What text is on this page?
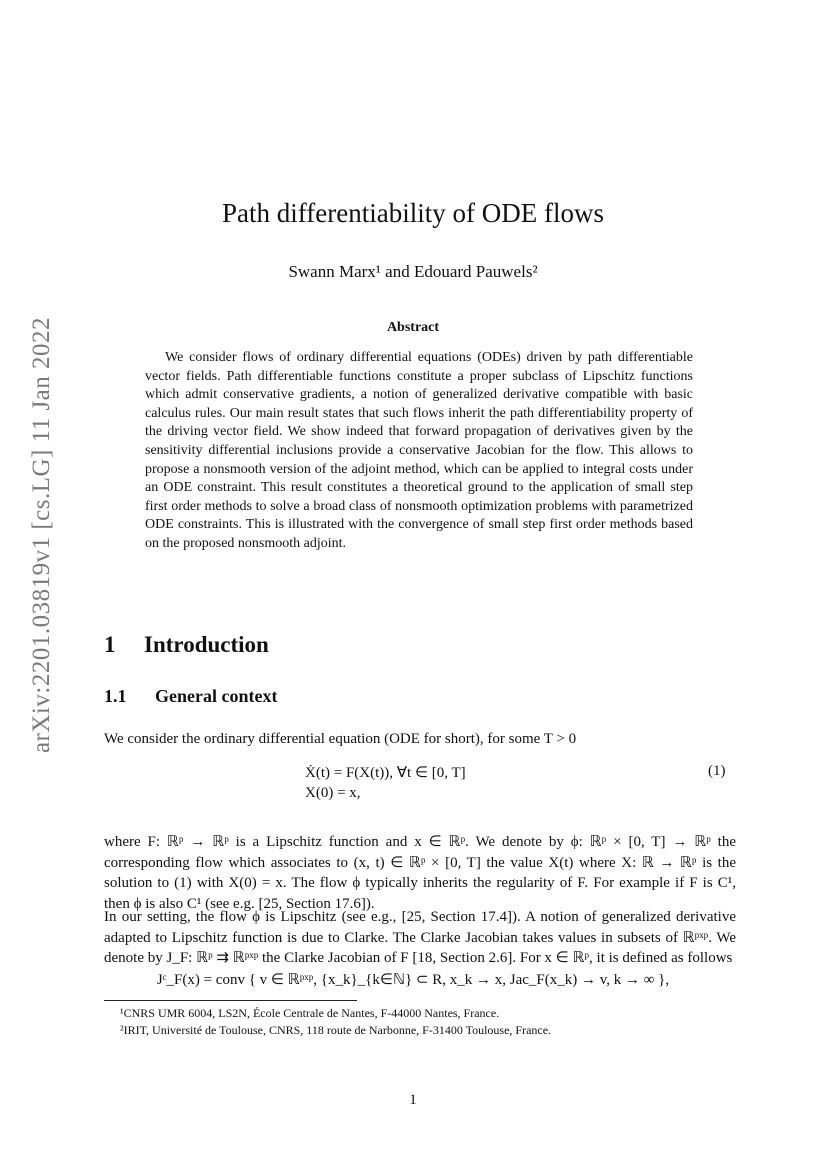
arXiv:2201.03819v1 [cs.LG] 11 Jan 2022
Path differentiability of ODE flows
Swann Marx¹ and Edouard Pauwels²
Abstract

We consider flows of ordinary differential equations (ODEs) driven by path differentiable vector fields. Path differentiable functions constitute a proper subclass of Lipschitz functions which admit conservative gradients, a notion of generalized derivative compatible with basic calculus rules. Our main result states that such flows inherit the path differentiability property of the driving vector field. We show indeed that forward propagation of derivatives given by the sensitivity differential inclusions provide a conservative Jacobian for the flow. This allows to propose a nonsmooth version of the adjoint method, which can be applied to integral costs under an ODE constraint. This result constitutes a theoretical ground to the application of small step first order methods to solve a broad class of nonsmooth optimization problems with parametrized ODE constraints. This is illustrated with the convergence of small step first order methods based on the proposed nonsmooth adjoint.

1 Introduction
1.1 General context

We consider the ordinary differential equation (ODE for short), for some T > 0

Ẋ(t) = F(X(t)), ∀t ∈ [0, T]
X(0) = x,
(1)

where F: ℝᵖ → ℝᵖ is a Lipschitz function and x ∈ ℝᵖ. We denote by ϕ: ℝᵖ × [0, T] → ℝᵖ the corresponding flow which associates to (x, t) ∈ ℝᵖ × [0, T] the value X(t) where X: ℝ → ℝᵖ is the solution to (1) with X(0) = x. The flow ϕ typically inherits the regularity of F. For example if F is C¹, then ϕ is also C¹ (see e.g. [25, Section 17.6]).

In our setting, the flow ϕ is Lipschitz (see e.g., [25, Section 17.4]). A notion of generalized derivative adapted to Lipschitz function is due to Clarke. The Clarke Jacobian takes values in subsets of ℝᵖˣᵖ. We denote by J_F: ℝᵖ ⇉ ℝᵖˣᵖ the Clarke Jacobian of F [18, Section 2.6]. For x ∈ ℝᵖ, it is defined as follows

Jᶜ_F(x) = conv { v ∈ ℝᵖˣᵖ, {x_k}_{k∈ℕ} ⊂ R, x_k → x, Jac_F(x_k) → v, k → ∞ },
¹CNRS UMR 6004, LS2N, École Centrale de Nantes, F-44000 Nantes, France.
²IRIT, Université de Toulouse, CNRS, 118 route de Narbonne, F-31400 Toulouse, France.
1
